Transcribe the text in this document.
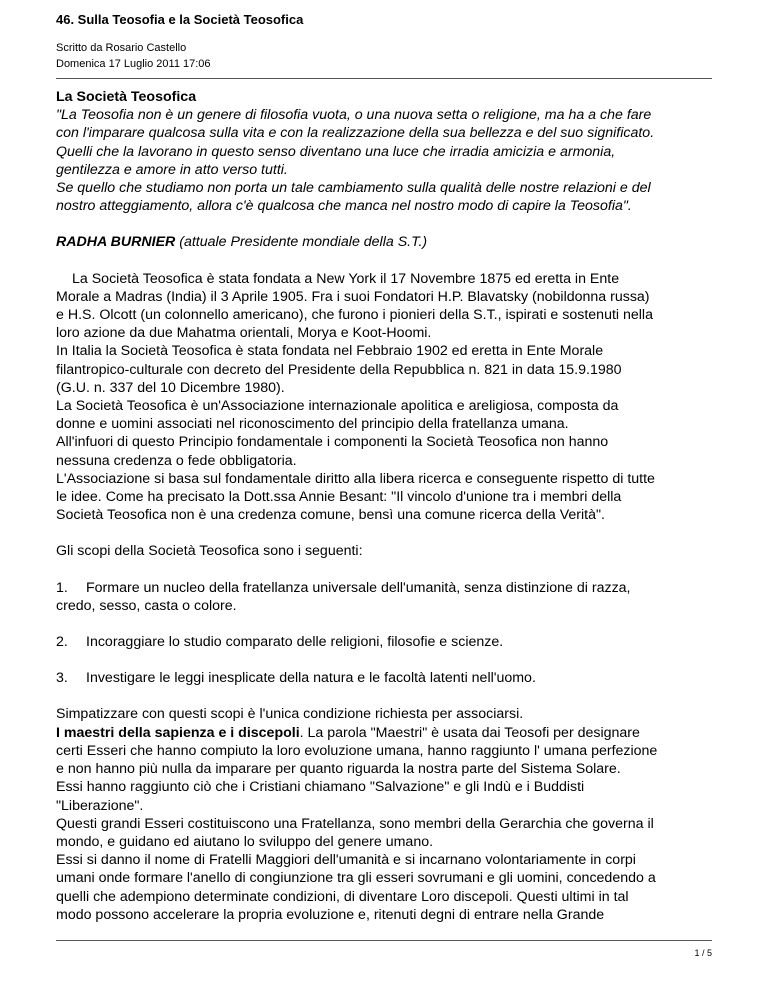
46. Sulla Teosofia e la Società Teosofica
Scritto da Rosario Castello
Domenica 17 Luglio 2011 17:06

La Società Teosofica

"La Teosofia non è un genere di filosofia vuota, o una nuova setta o religione, ma ha a che fare

con l'imparare qualcosa sulla vita e con la realizzazione della sua bellezza e del suo significato.

Quelli che la lavorano in questo senso diventano una luce che irradia amicizia e armonia,

gentilezza e amore in atto verso tutti.

Se quello che studiamo non porta un tale cambiamento sulla qualità delle nostre relazioni e del

nostro atteggiamento, allora c'è qualcosa che manca nel nostro modo di capire la Teosofia".

RADHA BURNIER (attuale Presidente mondiale della S.T.)

La Società Teosofica è stata fondata a New York il 17 Novembre 1875 ed eretta in Ente

Morale a Madras (India) il 3 Aprile 1905. Fra i suoi Fondatori H.P. Blavatsky (nobildonna russa)

e H.S. Olcott (un colonnello americano), che furono i pionieri della S.T., ispirati e sostenuti nella

loro azione da due Mahatma orientali, Morya e Koot-Hoomi.

In Italia la Società Teosofica è stata fondata nel Febbraio 1902 ed eretta in Ente Morale

filantropico-culturale con decreto del Presidente della Repubblica n. 821 in data 15.9.1980

(G.U. n. 337 del 10 Dicembre 1980).

La Società Teosofica è un'Associazione internazionale apolitica e areligiosa, composta da

donne e uomini associati nel riconoscimento del principio della fratellanza umana.

All'infuori di questo Principio fondamentale i componenti la Società Teosofica non hanno

nessuna credenza o fede obbligatoria.

L'Associazione si basa sul fondamentale diritto alla libera ricerca e conseguente rispetto di tutte

le idee. Come ha precisato la Dott.ssa Annie Besant: "Il vincolo d'unione tra i membri della

Società Teosofica non è una credenza comune, bensì una comune ricerca della Verità".

Gli scopi della Società Teosofica sono i seguenti:

1. Formare un nucleo della fratellanza universale dell'umanità, senza distinzione di razza,

credo, sesso, casta o colore.

2. Incoraggiare lo studio comparato delle religioni, filosofie e scienze.

3. Investigare le leggi inesplicate della natura e le facoltà latenti nell'uomo.

Simpatizzare con questi scopi è l'unica condizione richiesta per associarsi.

I maestri della sapienza e i discepoli. La parola "Maestri" è usata dai Teosofi per designare

certi Esseri che hanno compiuto la loro evoluzione umana, hanno raggiunto l' umana perfezione

e non hanno più nulla da imparare per quanto riguarda la nostra parte del Sistema Solare.

Essi hanno raggiunto ciò che i Cristiani chiamano "Salvazione" e gli Indù e i Buddisti

"Liberazione".

Questi grandi Esseri costituiscono una Fratellanza, sono membri della Gerarchia che governa il

mondo, e guidano ed aiutano lo sviluppo del genere umano.

Essi si danno il nome di Fratelli Maggiori dell'umanità e si incarnano volontariamente in corpi

umani onde formare l'anello di congiunzione tra gli esseri sovrumani e gli uomini, concedendo a

quelli che adempiono determinate condizioni, di diventare Loro discepoli. Questi ultimi in tal

modo possono accelerare la propria evoluzione e, ritenuti degni di entrare nella Grande

1 / 5
